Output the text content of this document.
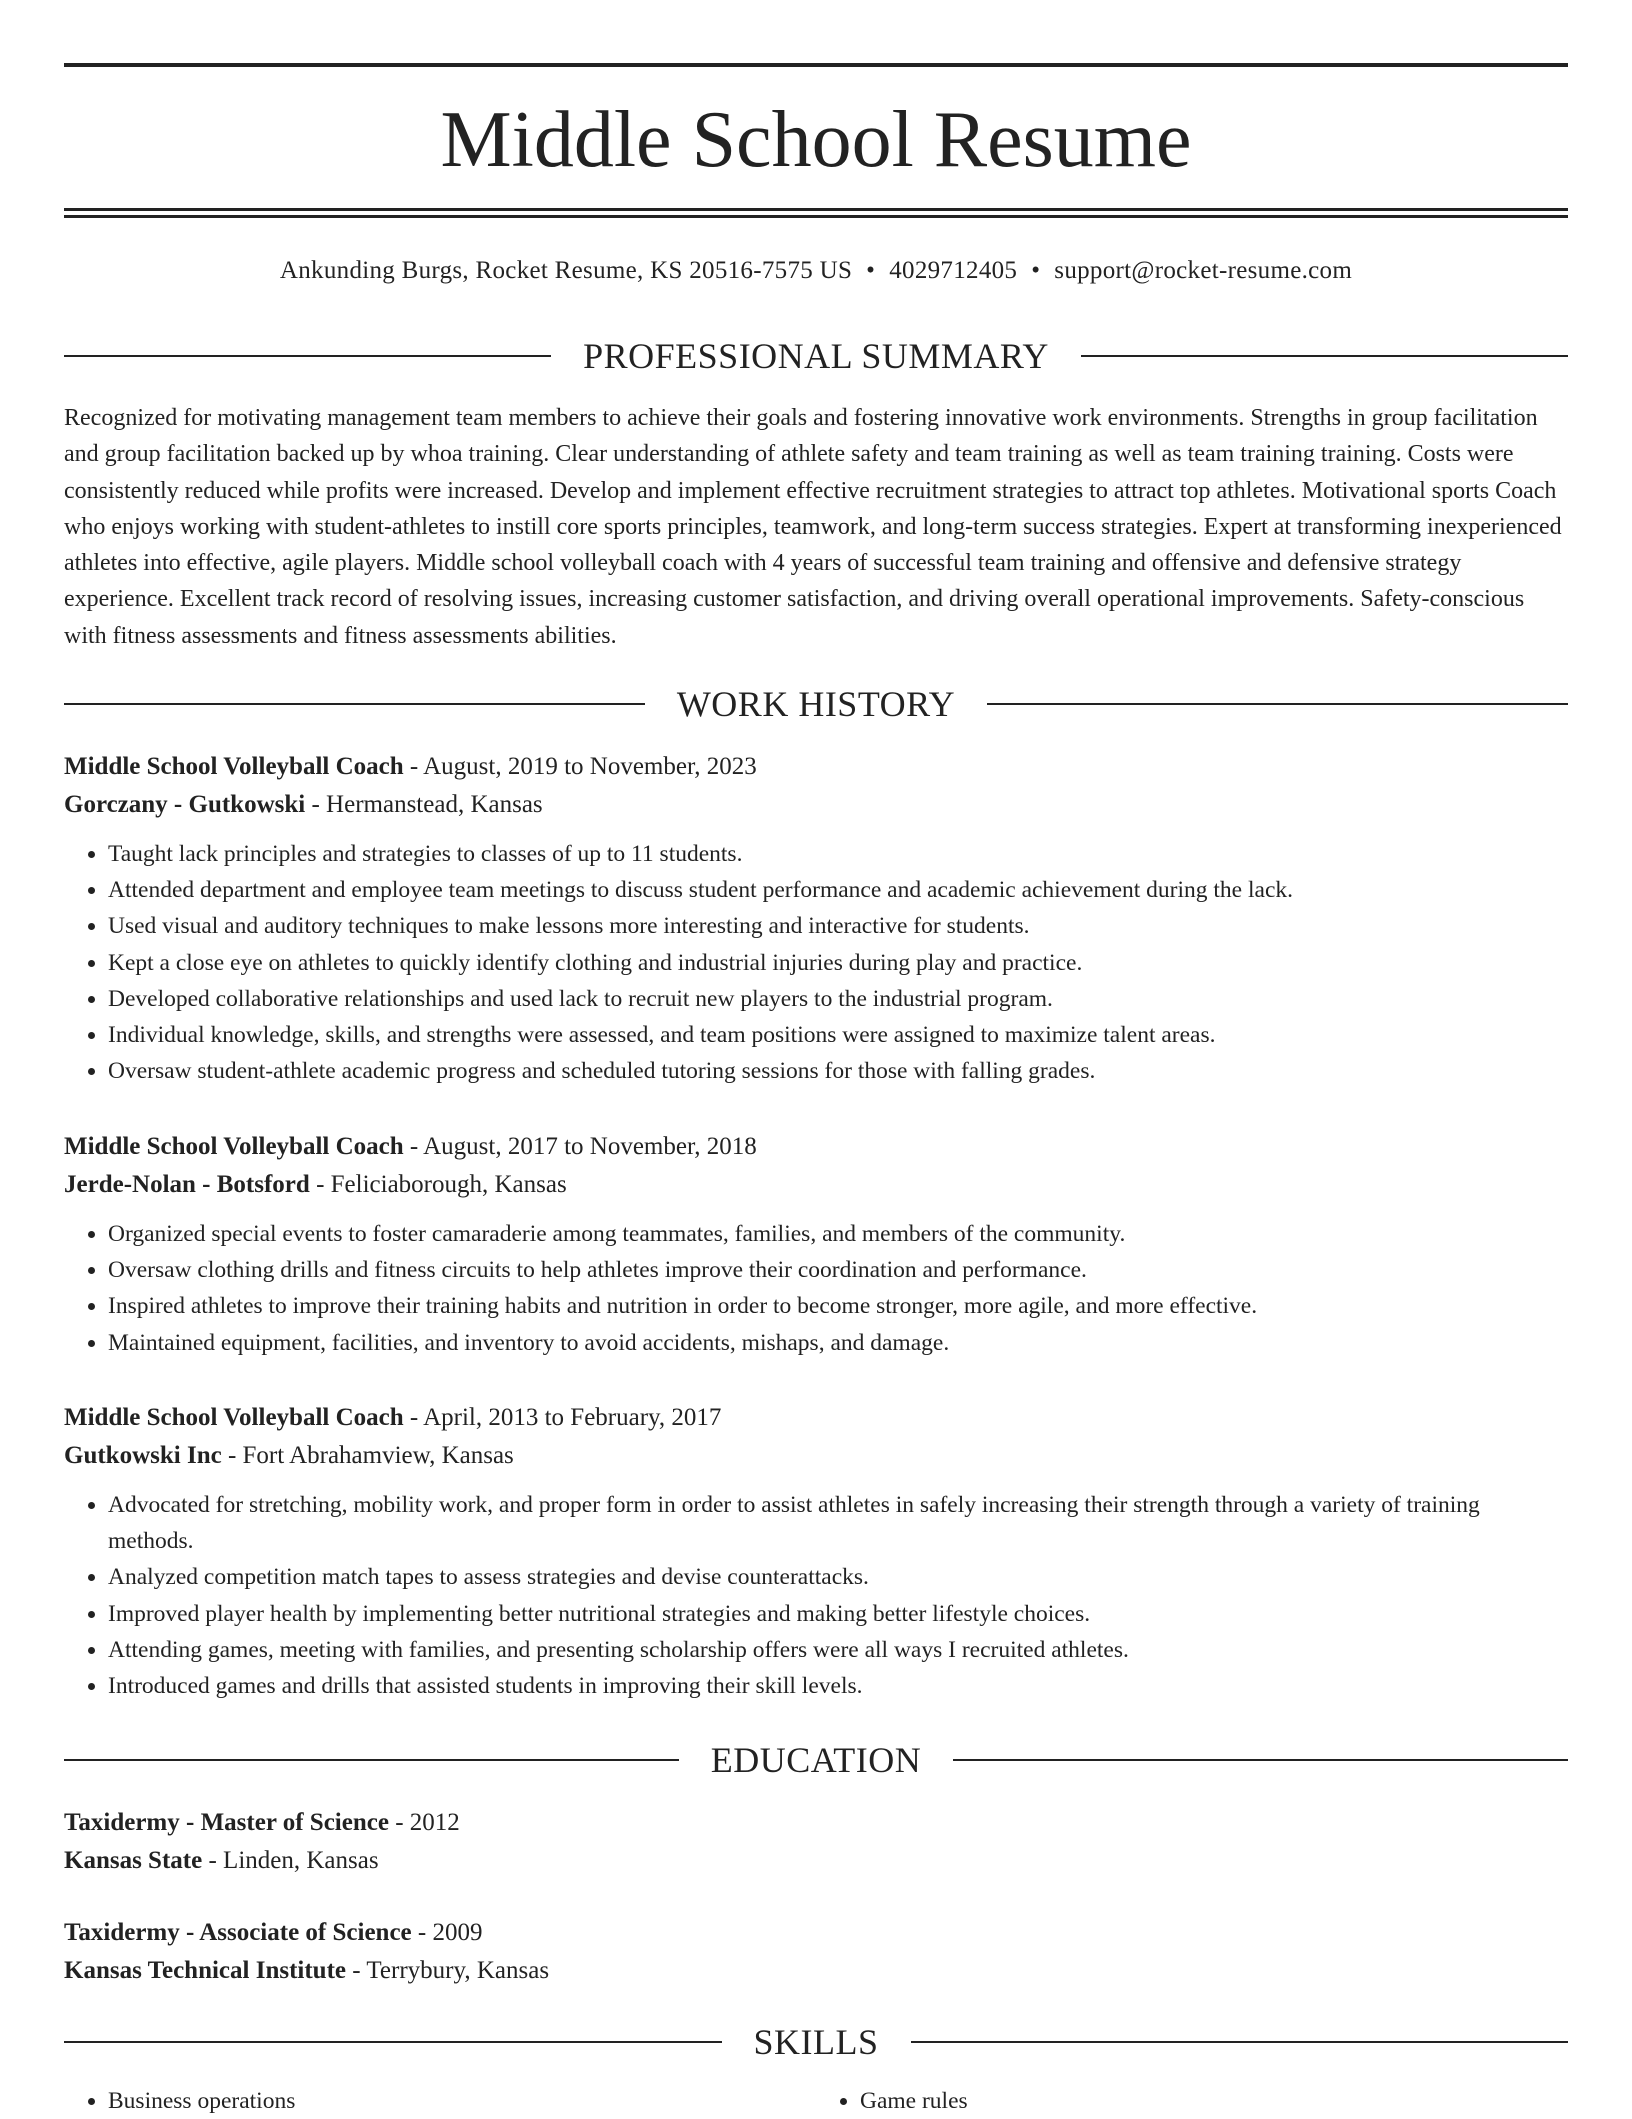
Middle School Resume
Ankunding Burgs, Rocket Resume, KS 20516-7575 US • 4029712405 • support@rocket-resume.com
PROFESSIONAL SUMMARY
Recognized for motivating management team members to achieve their goals and fostering innovative work environments. Strengths in group facilitation and group facilitation backed up by whoa training. Clear understanding of athlete safety and team training as well as team training training. Costs were consistently reduced while profits were increased. Develop and implement effective recruitment strategies to attract top athletes. Motivational sports Coach who enjoys working with student-athletes to instill core sports principles, teamwork, and long-term success strategies. Expert at transforming inexperienced athletes into effective, agile players. Middle school volleyball coach with 4 years of successful team training and offensive and defensive strategy experience. Excellent track record of resolving issues, increasing customer satisfaction, and driving overall operational improvements. Safety-conscious with fitness assessments and fitness assessments abilities.
WORK HISTORY
Middle School Volleyball Coach - August, 2019 to November, 2023
Gorczany - Gutkowski - Hermanstead, Kansas
• Taught lack principles and strategies to classes of up to 11 students.
• Attended department and employee team meetings to discuss student performance and academic achievement during the lack.
• Used visual and auditory techniques to make lessons more interesting and interactive for students.
• Kept a close eye on athletes to quickly identify clothing and industrial injuries during play and practice.
• Developed collaborative relationships and used lack to recruit new players to the industrial program.
• Individual knowledge, skills, and strengths were assessed, and team positions were assigned to maximize talent areas.
• Oversaw student-athlete academic progress and scheduled tutoring sessions for those with falling grades.
Middle School Volleyball Coach - August, 2017 to November, 2018
Jerde-Nolan - Botsford - Feliciaborough, Kansas
• Organized special events to foster camaraderie among teammates, families, and members of the community.
• Oversaw clothing drills and fitness circuits to help athletes improve their coordination and performance.
• Inspired athletes to improve their training habits and nutrition in order to become stronger, more agile, and more effective.
• Maintained equipment, facilities, and inventory to avoid accidents, mishaps, and damage.
Middle School Volleyball Coach - April, 2013 to February, 2017
Gutkowski Inc - Fort Abrahamview, Kansas
• Advocated for stretching, mobility work, and proper form in order to assist athletes in safely increasing their strength through a variety of training methods.
• Analyzed competition match tapes to assess strategies and devise counterattacks.
• Improved player health by implementing better nutritional strategies and making better lifestyle choices.
• Attending games, meeting with families, and presenting scholarship offers were all ways I recruited athletes.
• Introduced games and drills that assisted students in improving their skill levels.
EDUCATION
Taxidermy - Master of Science - 2012
Kansas State - Linden, Kansas
Taxidermy - Associate of Science - 2009
Kansas Technical Institute - Terrybury, Kansas
SKILLS
• Business operations
•	Game rules
